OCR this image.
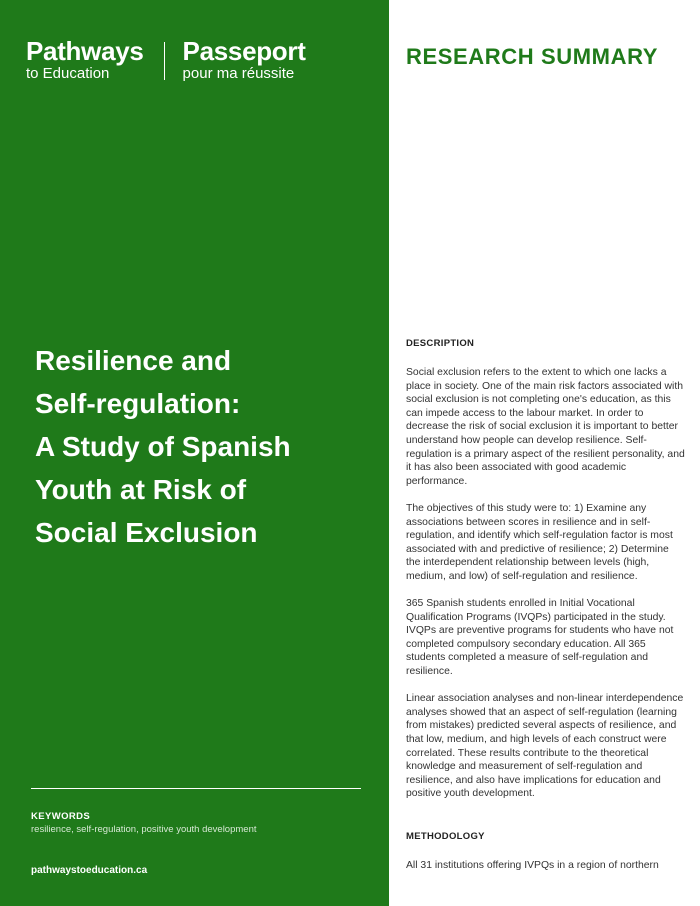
Pathways
to Education
Passeport
pour ma réussite
Resilience and
Self-regulation:
A Study of Spanish
Youth at Risk of
Social Exclusion
KEYWORDS
resilience, self-regulation, positive youth development
pathwaystoeducation.ca
RESEARCH SUMMARY
DESCRIPTION

Social exclusion refers to the extent to which one lacks a place in society. One of the main risk factors associated with social exclusion is not completing one's education, as this can impede access to the labour market. In order to decrease the risk of social exclusion it is important to better understand how people can develop resilience. Self-regulation is a primary aspect of the resilient personality, and it has also been associated with good academic performance.

The objectives of this study were to: 1) Examine any associations between scores in resilience and in self-regulation, and identify which self-regulation factor is most associated with and predictive of resilience; 2) Determine the interdependent relationship between levels (high, medium, and low) of self-regulation and resilience.

365 Spanish students enrolled in Initial Vocational Qualification Programs (IVQPs) participated in the study. IVQPs are preventive programs for students who have not completed compulsory secondary education. All 365 students completed a measure of self-regulation and resilience.

Linear association analyses and non-linear interdependence analyses showed that an aspect of self-regulation (learning from mistakes) predicted several aspects of resilience, and that low, medium, and high levels of each construct were correlated. These results contribute to the theoretical knowledge and measurement of self-regulation and resilience, and also have implications for education and positive youth development.

METHODOLOGY
All 31 institutions offering IVPQs in a region of northern
